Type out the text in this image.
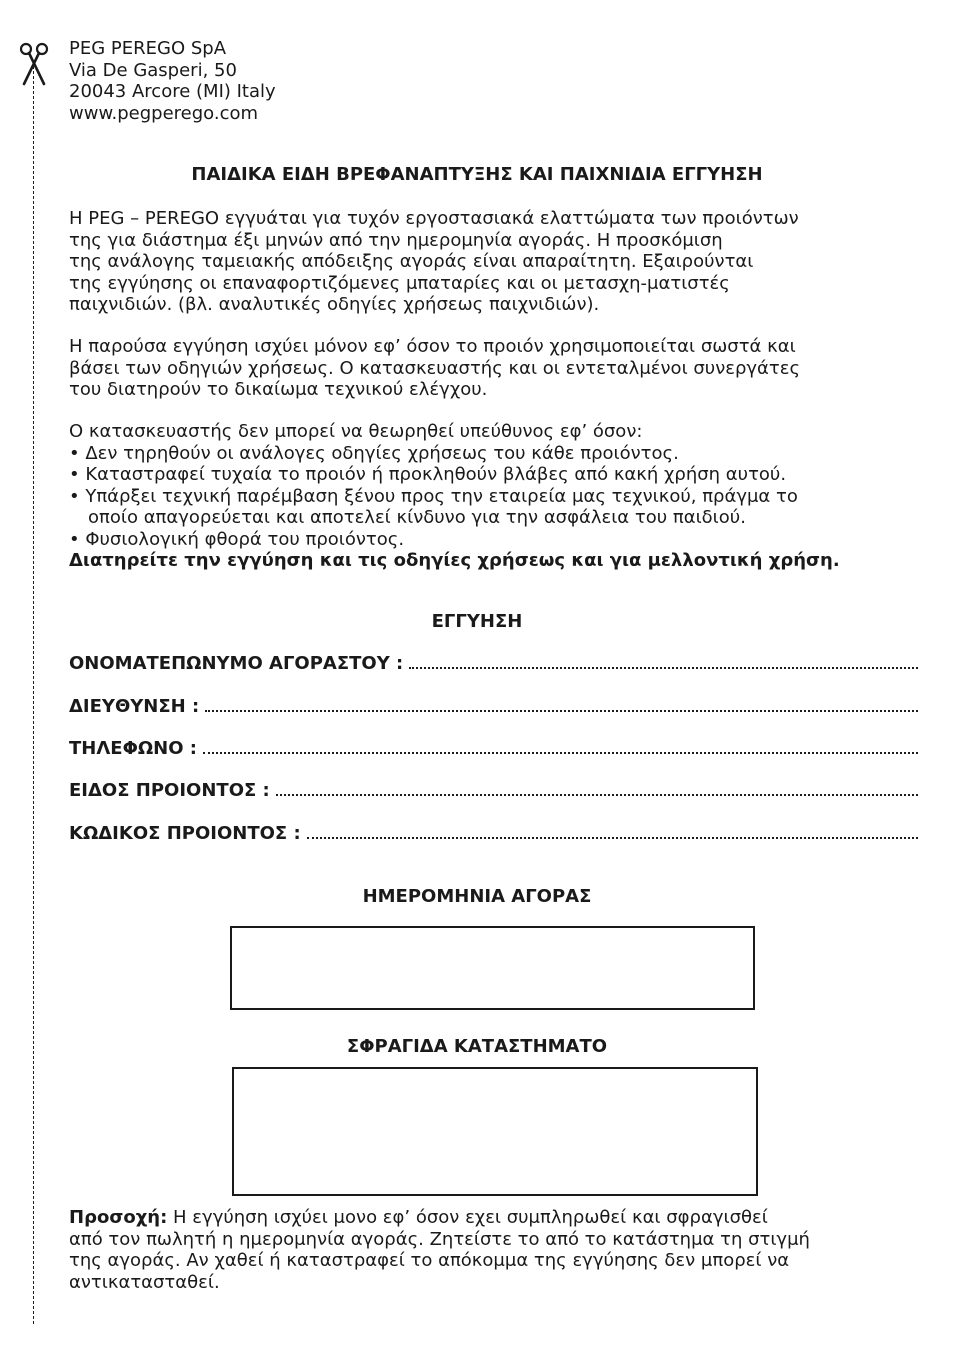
PEG PEREGO SpA
Via De Gasperi, 50
20043 Arcore (MI) Italy
www.pegperego.com
ΠΑΙΔΙΚΑ ΕΙΔΗ ΒΡΕΦΑΝΑΠΤΥΞΗΣ ΚΑΙ ΠΑΙΧΝΙΔΙΑ ΕΓΓΥΗΣΗ
Η PEG – PEREGO εγγυάται για τυχόν εργοστασιακά ελαττώματα των προιόντων
της για διάστημα έξι μηνών από την ημερομηνία αγοράς. Η προσκόμιση
της ανάλογης ταμειακής απόδειξης αγοράς είναι απαραίτητη. Εξαιρούνται
της εγγύησης οι επαναφορτιζόμενες μπαταρίες και οι μετασχη-ματιστές
παιχνιδιών. (βλ. αναλυτικές οδηγίες χρήσεως παιχνιδιών).
Η παρούσα εγγύηση ισχύει μόνον εφ’ όσον το προιόν χρησιμοποιείται σωστά και
βάσει των οδηγιών χρήσεως. Ο κατασκευαστής και οι εντεταλμένοι συνεργάτες
του διατηρούν το δικαίωμα τεχνικού ελέγχου.
Ο κατασκευαστής δεν μπορεί να θεωρηθεί υπεύθυνος εφ’ όσον:
• Δεν τηρηθούν οι ανάλογες οδηγίες χρήσεως του κάθε προιόντος.
• Καταστραφεί τυχαία το προιόν ή προκληθούν βλάβες από κακή χρήση αυτού.
• Υπάρξει τεχνική παρέμβαση ξένου προς την εταιρεία μας τεχνικού, πράγμα το
οποίο απαγορεύεται και αποτελεί κίνδυνο για την ασφάλεια του παιδιού.
• Φυσιολογική φθορά του προιόντος.
Διατηρείτε την εγγύηση και τις οδηγίες χρήσεως και για μελλοντική χρήση.
ΕΓΓΥΗΣΗ
ΟΝΟΜΑΤΕΠΩΝΥΜΟ ΑΓΟΡΑΣΤΟΥ :
ΔΙΕΥΘΥΝΣΗ :
ΤΗΛΕΦΩΝΟ :
ΕΙΔΟΣ ΠΡΟΙΟΝΤΟΣ :
ΚΩΔΙΚΟΣ ΠΡΟΙΟΝΤΟΣ :
ΗΜΕΡΟΜΗΝΙΑ ΑΓΟΡΑΣ
ΣΦΡΑΓΙΔΑ ΚΑΤΑΣΤΗΜΑΤΟ
Προσοχή: Η εγγύηση ισχύει μονο εφ’ όσον εχει συμπληρωθεί και σφραγισθεί
από τον πωλητή η ημερομηνία αγοράς. Ζητείστε το από το κατάστημα τη στιγμή
της αγοράς. Αν χαθεί ή καταστραφεί το απόκομμα της εγγύησης δεν μπορεί να
αντικατασταθεί.
